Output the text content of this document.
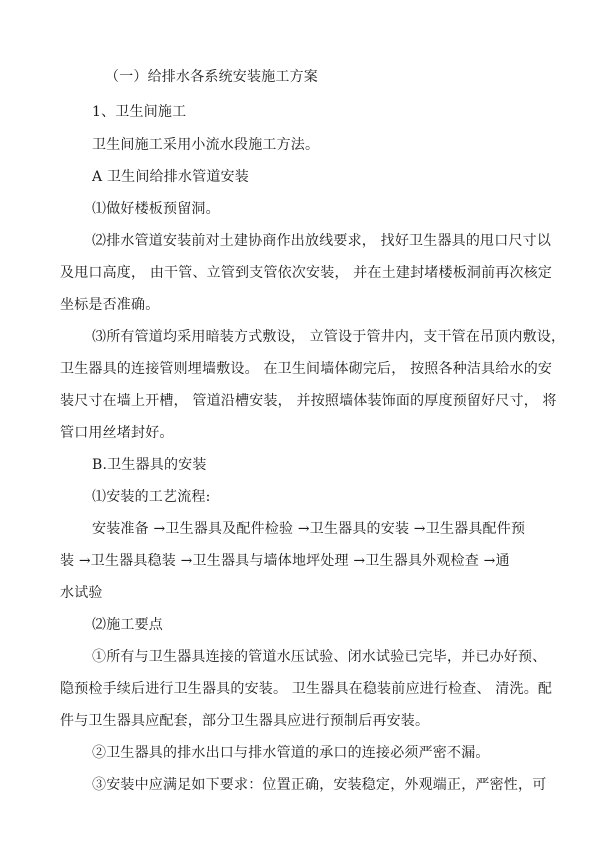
（一）给排水各系统安装施工方案
1、卫生间施工
卫生间施工采用小流水段施工方法。
A 卫生间给排水管道安装
⑴做好楼板预留洞。
⑵排水管道安装前对土建协商作出放线要求， 找好卫生器具的甩口尺寸以
及甩口高度， 由干管、立管到支管依次安装， 并在土建封堵楼板洞前再次核定
坐标是否准确。
⑶所有管道均采用暗装方式敷设， 立管设于管井内，支干管在吊顶内敷设，
卫生器具的连接管则埋墙敷设。 在卫生间墙体砌完后， 按照各种洁具给水的安
装尺寸在墙上开槽， 管道沿槽安装， 并按照墙体装饰面的厚度预留好尺寸， 将
管口用丝堵封好。
B.卫生器具的安装
⑴安装的工艺流程:
安装准备 →卫生器具及配件检验 →卫生器具的安装 →卫生器具配件预
装 →卫生器具稳装 →卫生器具与墙体地坪处理 →卫生器具外观检查 →通
水试验
⑵施工要点
①所有与卫生器具连接的管道水压试验、闭水试验已完毕，并已办好预、
隐预检手续后进行卫生器具的安装。 卫生器具在稳装前应进行检查、 清洗。配
件与卫生器具应配套，部分卫生器具应进行预制后再安装。
②卫生器具的排水出口与排水管道的承口的连接必须严密不漏。
③安装中应满足如下要求：位置正确，安装稳定，外观端正，严密性，可
